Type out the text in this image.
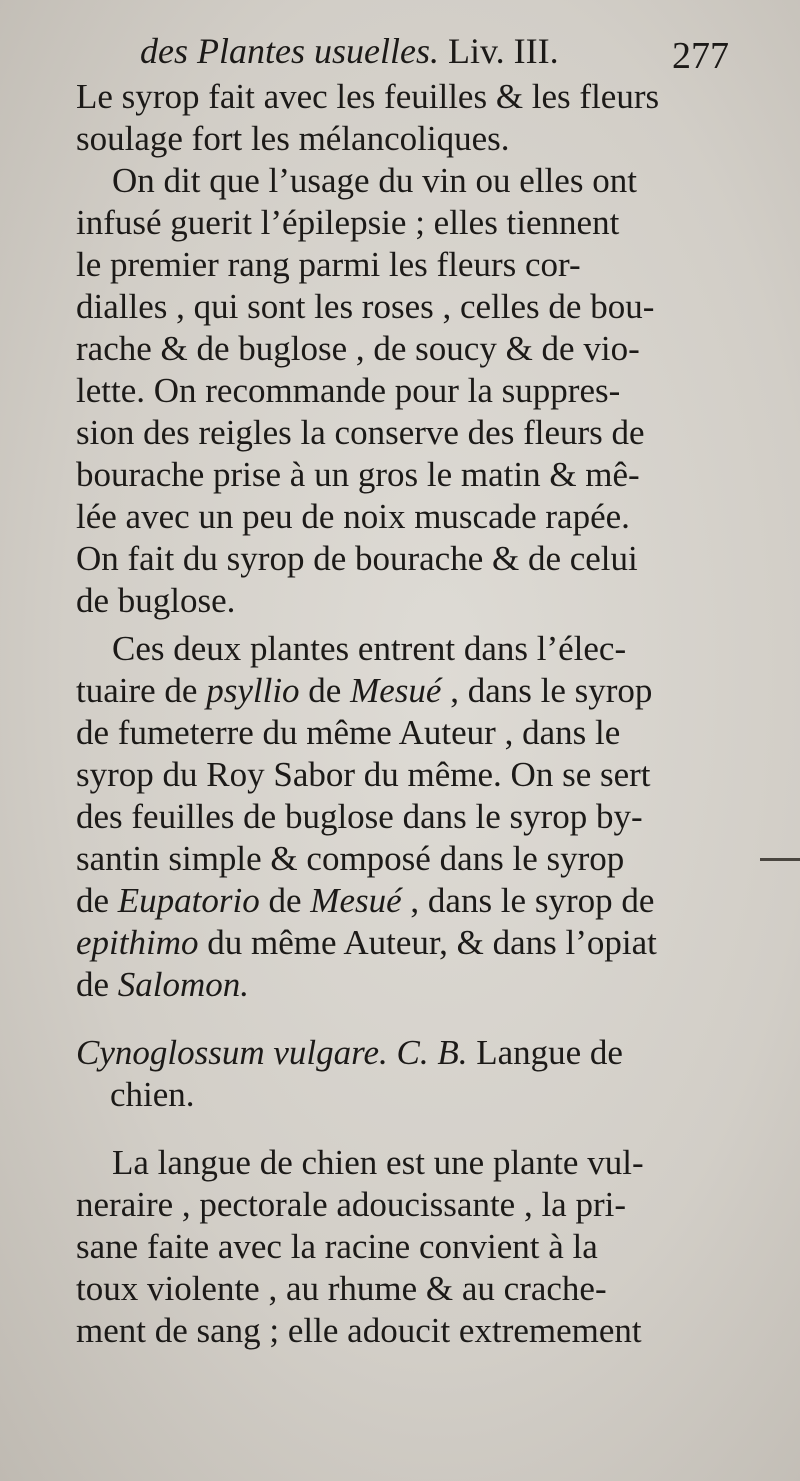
des Plantes usuelles. Liv. III.	277
Le syrop fait avec les feuilles & les fleurs
soulage fort les mélancoliques.
On dit que l’usage du vin ou elles ont
infusé guerit l’épilepsie ; elles tiennent
le premier rang parmi les fleurs cor-
dialles , qui sont les roses , celles de bou-
rache & de buglose , de soucy & de vio-
lette. On recommande pour la suppres-
sion des reigles la conserve des fleurs de
bourache prise à un gros le matin & mê-
lée avec un peu de noix muscade rapée.
On fait du syrop de bourache & de celui
de buglose.
Ces deux plantes entrent dans l’élec-
tuaire de psyllio de Mesué , dans le syrop
de fumeterre du même Auteur , dans le
syrop du Roy Sabor du même. On se sert
des feuilles de buglose dans le syrop by-
santin simple & composé dans le syrop
de Eupatorio de Mesué , dans le syrop de
epithimo du même Auteur, & dans l’opiat
de Salomon.
Cynoglossum vulgare. C. B. Langue de
chien.
La langue de chien est une plante vul-
neraire , pectorale adoucissante , la pri-
sane faite avec la racine convient à la
toux violente , au rhume & au crache-
ment de sang ; elle adoucit extremement
